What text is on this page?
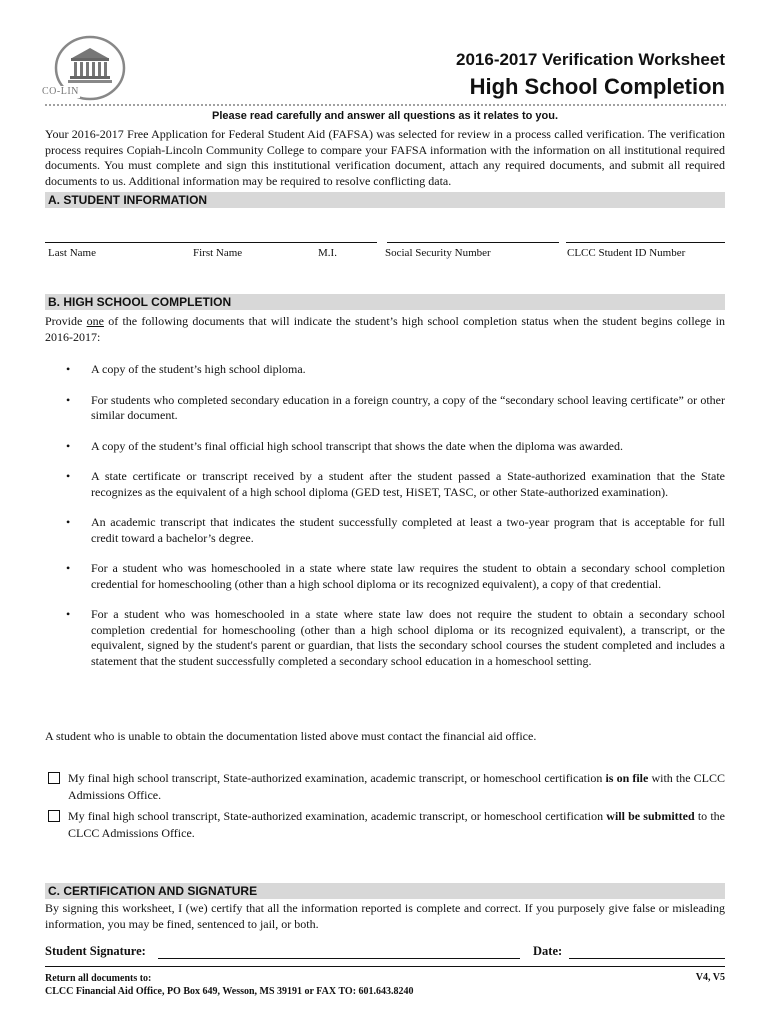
CO-LIN
2016-2017 Verification Worksheet
High School Completion
Please read carefully and answer all questions as it relates to you.
Your 2016-2017 Free Application for Federal Student Aid (FAFSA) was selected for review in a process called verification. The verification process requires Copiah-Lincoln Community College to compare your FAFSA information with the information on all institutional required documents. You must complete and sign this institutional verification document, attach any required documents, and submit all required documents to us. Additional information may be required to resolve conflicting data.
A. STUDENT INFORMATION
Last Name	First Name	M.I.	Social Security Number	CLCC Student ID Number
B. HIGH SCHOOL COMPLETION
Provide one of the following documents that will indicate the student’s high school completion status when the student begins college in 2016-2017:
• A copy of the student’s high school diploma.
• For students who completed secondary education in a foreign country, a copy of the “secondary school leaving certificate” or other similar document.
• A copy of the student’s final official high school transcript that shows the date when the diploma was awarded.
• A state certificate or transcript received by a student after the student passed a State-authorized examination that the State recognizes as the equivalent of a high school diploma (GED test, HiSET, TASC, or other State-authorized examination).
• An academic transcript that indicates the student successfully completed at least a two-year program that is acceptable for full credit toward a bachelor’s degree.
• For a student who was homeschooled in a state where state law requires the student to obtain a secondary school completion credential for homeschooling (other than a high school diploma or its recognized equivalent), a copy of that credential.
• For a student who was homeschooled in a state where state law does not require the student to obtain a secondary school completion credential for homeschooling (other than a high school diploma or its recognized equivalent), a transcript, or the equivalent, signed by the student's parent or guardian, that lists the secondary school courses the student completed and includes a statement that the student successfully completed a secondary school education in a homeschool setting.
A student who is unable to obtain the documentation listed above must contact the financial aid office.
My final high school transcript, State-authorized examination, academic transcript, or homeschool certification is on file with the CLCC Admissions Office.
My final high school transcript, State-authorized examination, academic transcript, or homeschool certification will be submitted to the CLCC Admissions Office.
C. CERTIFICATION AND SIGNATURE
By signing this worksheet, I (we) certify that all the information reported is complete and correct. If you purposely give false or misleading information, you may be fined, sentenced to jail, or both.
Student Signature:	Date:
Return all documents to:
CLCC Financial Aid Office, PO Box 649, Wesson, MS 39191 or FAX TO: 601.643.8240
V4, V5
